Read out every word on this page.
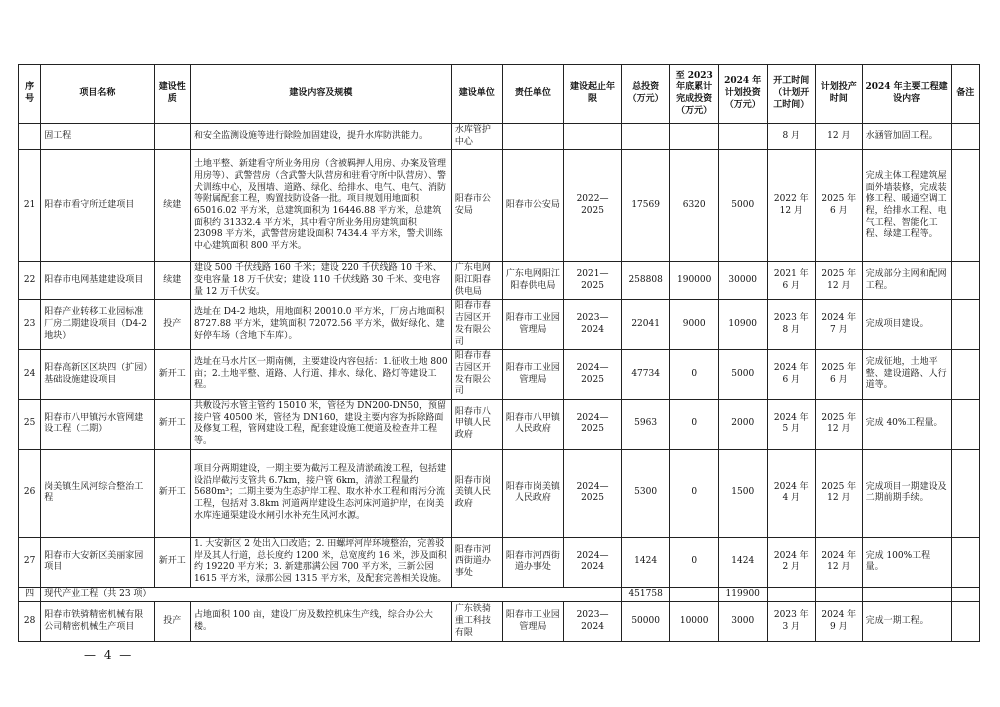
序号	项目名称	建设性质	建设内容及规模	建设单位	责任单位	建设起止年限	总投资（万元）	至 2023 年底累计完成投资（万元）	2024 年计划投资（万元）	开工时间（计划开工时间）	计划投产时间	2024 年主要工程建设内容	备注
	固工程		和安全监测设施等进行除险加固建设，提升水库防洪能力。	水库管护中心						8 月	12 月	水涵管加固工程。	
21	阳春市看守所迁建项目	续建	土地平整、新建看守所业务用房（含被羁押人用房、办案及管理用房等）、武警营房（含武警大队营房和驻看守所中队营房）、警犬训练中心，及围墙、道路、绿化、给排水、电气、电气、消防等附属配套工程，购置技防设备一批。项目规划用地面积 65016.02 平方米，总建筑面积为 16446.88 平方米，总建筑面积约 31332.4 平方米，其中看守所业务用房建筑面积 23098 平方米，武警营房建设面积 7434.4 平方米，警犬训练中心建筑面积 800 平方米。	阳春市公安局	阳春市公安局	2022—2025	17569	6320	5000	2022 年 12 月	2025 年 6 月	完成主体工程建筑屋面外墙装修，完成装修工程、暖通空调工程，给排水工程、电气工程、智能化工程、绿建工程等。	
22	阳春市电网基建建设项目	续建	建设 500 千伏线路 160 千米；建设 220 千伏线路 10 千米、变电容量 18 万千伏安；建设 110 千伏线路 30 千米、变电容量 12 万千伏安。	广东电网阳江阳春供电局	广东电网阳江阳春供电局	2021—2025	258808	190000	30000	2021 年 6 月	2025 年 12 月	完成部分主网和配网工程。	
23	阳春产业转移工业园标准厂房二期建设项目（D4-2 地块）	投产	选址在 D4-2 地块，用地面积 20010.0 平方米，厂房占地面积 8727.88 平方米，建筑面积 72072.56 平方米，做好绿化、建好停车场（含地下车库）。	阳春市春吉园区开发有限公司	阳春市工业园管理局	2023—2024	22041	9000	10900	2023 年 8 月	2024 年 7 月	完成项目建设。	
24	阳春高新区区块四（扩园）基础设施建设项目	新开工	选址在马水片区一期南侧，主要建设内容包括：1.征收土地 800 亩；2.土地平整、道路、人行道、排水、绿化、路灯等建设工程。	阳春市春吉园区开发有限公司	阳春市工业园管理局	2024—2025	47734	0	5000	2024 年 6 月	2025 年 6 月	完成征地，土地平整、建设道路、人行道等。	
25	阳春市八甲镇污水管网建设工程（二期）	新开工	共敷设污水管主管约 15010 米，管径为 DN200-DN50，预留接户管 40500 米，管径为 DN160，建设主要内容为拆除路面及修复工程，管网建设工程，配套建设施工便道及检查井工程等。	阳春市八甲镇人民政府	阳春市八甲镇人民政府	2024—2025	5963	0	2000	2024 年 5 月	2025 年 12 月	完成 40%工程量。	
26	岗美镇生风河综合整治工程	新开工	项目分两期建设，一期主要为截污工程及清淤疏浚工程，包括建设沿岸截污支管共 6.7km，接户管 6km，清淤工程量约 5680m³；二期主要为生态护岸工程、取水补水工程和雨污分流工程，包括对 3.8km 河道两岸建设生态河床河道护岸，在岗美水库连通渠建设水闸引水补充生风河水源。	阳春市岗美镇人民政府	阳春市岗美镇人民政府	2024—2025	5300	0	1500	2024 年 4 月	2025 年 12 月	完成项目一期建设及二期前期手续。	
27	阳春市大安新区美丽家园项目	新开工	1. 大安新区 2 处出入口改造；2. 田螺坪河岸环境整治，完善驳岸及其人行道，总长度约 1200 米，总宽度约 16 米，涉及面积约 19220 平方米；3. 新建那满公园 700 平方米，三新公园 1615 平方米，渌那公园 1315 平方米，及配套完善相关设施。	阳春市河西街道办事处	阳春市河西街道办事处	2024—2024	1424	0	1424	2024 年 2 月	2024 年 12 月	完成 100%工程量。	
四	现代产业工程（共 23 项）						451758		119900				
28	阳春市铁骑精密机械有限公司精密机械生产项目	投产	占地面积 100 亩，建设厂房及数控机床生产线，综合办公大楼。	广东铁骑重工科技有限	阳春市工业园管理局	2023—2024	50000	10000	3000	2023 年 3 月	2024 年 9 月	完成一期工程。	
— 4 —
